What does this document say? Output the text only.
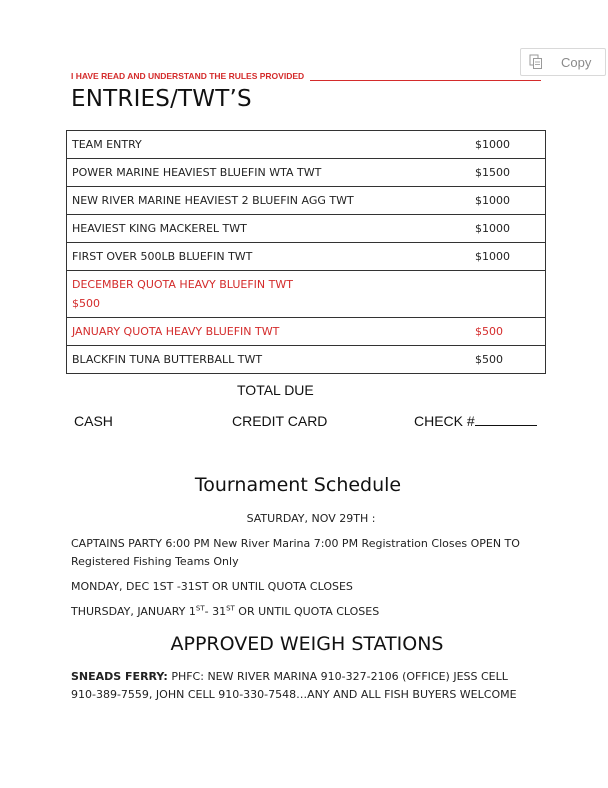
Copy
I HAVE READ AND UNDERSTAND THE RULES PROVIDED
ENTRIES/TWT’S
TEAM ENTRY	$1000
POWER MARINE HEAVIEST BLUEFIN WTA TWT	$1500
NEW RIVER MARINE HEAVIEST 2 BLUEFIN AGG TWT	$1000
HEAVIEST KING MACKEREL TWT	$1000
FIRST OVER 500LB BLUEFIN TWT	$1000

DECEMBER QUOTA HEAVY BLUEFIN TWT
$500	

JANUARY QUOTA HEAVY BLUEFIN TWT	$500
BLACKFIN TUNA BUTTERBALL TWT	$500
TOTAL DUE
CASH	CREDIT CARD	CHECK #
Tournament Schedule
SATURDAY, NOV 29TH :
CAPTAINS PARTY 6:00 PM New River Marina 7:00 PM Registration Closes OPEN TO Registered Fishing Teams Only
MONDAY, DEC 1ST -31ST OR UNTIL QUOTA CLOSES
THURSDAY, JANUARY 1ST- 31ST OR UNTIL QUOTA CLOSES
APPROVED WEIGH STATIONS
SNEADS FERRY: PHFC: NEW RIVER MARINA 910-327-2106 (OFFICE) JESS CELL 910-389-7559, JOHN CELL 910-330-7548…ANY AND ALL FISH BUYERS WELCOME
